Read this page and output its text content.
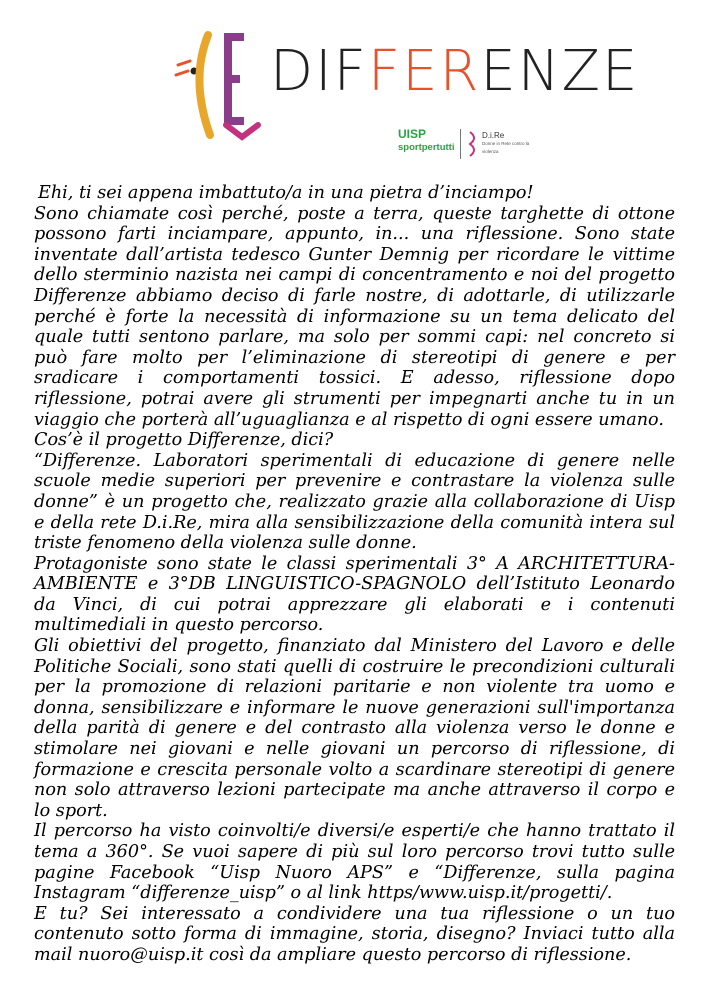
DIFFERENZE
UISP
sportpertutti
D.i.Re
Donne in Rete contro la violenza

Ehi, ti sei appena imbattuto/a in una pietra d’inciampo!

Sono chiamate così perché, poste a terra, queste targhette di ottone possono farti inciampare, appunto, in... una riflessione. Sono state inventate dall’artista tedesco Gunter Demnig per ricordare le vittime dello sterminio nazista nei campi di concentramento e noi del progetto Differenze abbiamo deciso di farle nostre, di adottarle, di utilizzarle perché è forte la necessità di informazione su un tema delicato del quale tutti sentono parlare, ma solo per sommi capi: nel concreto si può fare molto per l’eliminazione di stereotipi di genere e per sradicare i comportamenti tossici. E adesso, riflessione dopo riflessione, potrai avere gli strumenti per impegnarti anche tu in un viaggio che porterà all’uguaglianza e al rispetto di ogni essere umano.

Cos’è il progetto Differenze, dici?

“Differenze. Laboratori sperimentali di educazione di genere nelle scuole medie superiori per prevenire e contrastare la violenza sulle donne” è un progetto che, realizzato grazie alla collaborazione di Uisp e della rete D.i.Re, mira alla sensibilizzazione della comunità intera sul triste fenomeno della violenza sulle donne.

Protagoniste sono state le classi sperimentali 3° A ARCHITETTURA-AMBIENTE e 3°DB LINGUISTICO-SPAGNOLO dell’Istituto Leonardo da Vinci, di cui potrai apprezzare gli elaborati e i contenuti multimediali in questo percorso.

Gli obiettivi del progetto, finanziato dal Ministero del Lavoro e delle Politiche Sociali, sono stati quelli di costruire le precondizioni culturali per la promozione di relazioni paritarie e non violente tra uomo e donna, sensibilizzare e informare le nuove generazioni sull'importanza della parità di genere e del contrasto alla violenza verso le donne e stimolare nei giovani e nelle giovani un percorso di riflessione, di formazione e crescita personale volto a scardinare stereotipi di genere non solo attraverso lezioni partecipate ma anche attraverso il corpo e lo sport.

Il percorso ha visto coinvolti/e diversi/e esperti/e che hanno trattato il tema a 360°. Se vuoi sapere di più sul loro percorso trovi tutto sulle pagine Facebook “Uisp Nuoro APS” e “Differenze, sulla pagina Instagram “differenze_uisp” o al link https/www.uisp.it/progetti/.

E tu? Sei interessato a condividere una tua riflessione o un tuo contenuto sotto forma di immagine, storia, disegno? Inviaci tutto alla mail nuoro@uisp.it così da ampliare questo percorso di riflessione.
